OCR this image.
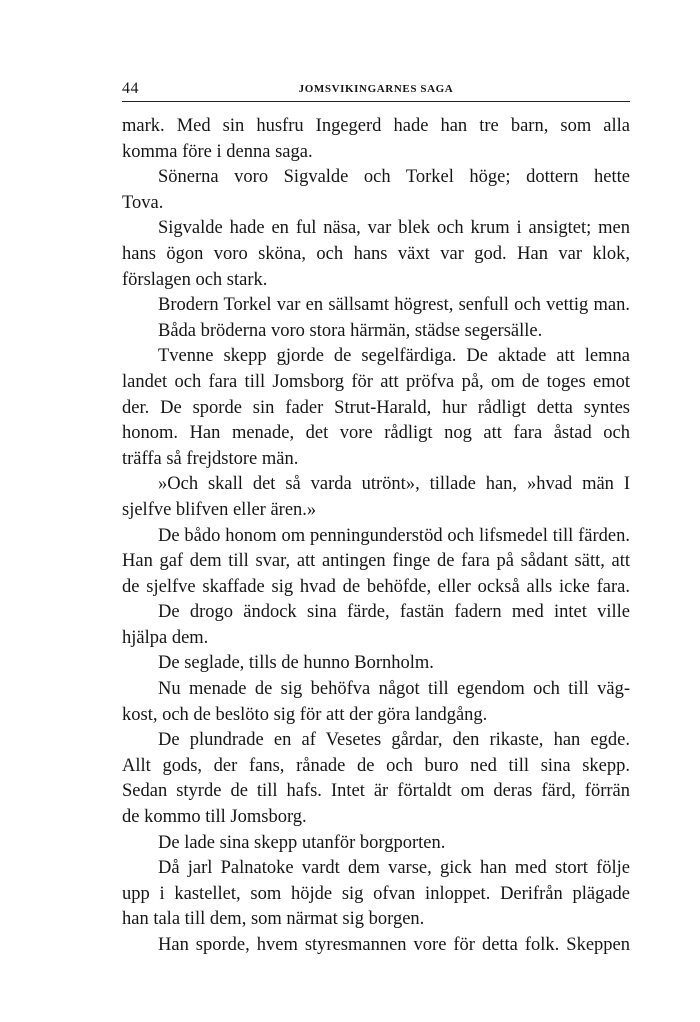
44	JOMSVIKINGARNES SAGA
mark. Med sin husfru Ingegerd hade han tre barn, som alla
komma före i denna saga.
Sönerna voro Sigvalde och Torkel höge; dottern hette
Tova.
Sigvalde hade en ful näsa, var blek och krum i ansigtet; men
hans ögon voro sköna, och hans växt var god. Han var klok,
förslagen och stark.
Brodern Torkel var en sällsamt högrest, senfull och vettig man.
Båda bröderna voro stora härmän, städse segersälle.
Tvenne skepp gjorde de segelfärdiga. De aktade att lemna
landet och fara till Jomsborg för att pröfva på, om de toges emot
der. De sporde sin fader Strut-Harald, hur rådligt detta syntes
honom. Han menade, det vore rådligt nog att fara åstad och
träffa så frejdstore män.
»Och skall det så varda utrönt», tillade han, »hvad män I
sjelfve blifven eller ären.»
De bådo honom om penningunderstöd och lifsmedel till färden.
Han gaf dem till svar, att antingen finge de fara på sådant sätt, att
de sjelfve skaffade sig hvad de behöfde, eller också alls icke fara.
De drogo ändock sina färde, fastän fadern med intet ville
hjälpa dem.
De seglade, tills de hunno Bornholm.
Nu menade de sig behöfva något till egendom och till väg-
kost, och de beslöto sig för att der göra landgång.
De plundrade en af Vesetes gårdar, den rikaste, han egde.
Allt gods, der fans, rånade de och buro ned till sina skepp.
Sedan styrde de till hafs. Intet är förtaldt om deras färd, förrän
de kommo till Jomsborg.
De lade sina skepp utanför borgporten.
Då jarl Palnatoke vardt dem varse, gick han med stort följe
upp i kastellet, som höjde sig ofvan inloppet. Derifrån plägade
han tala till dem, som närmat sig borgen.
Han sporde, hvem styresmannen vore för detta folk. Skeppen
